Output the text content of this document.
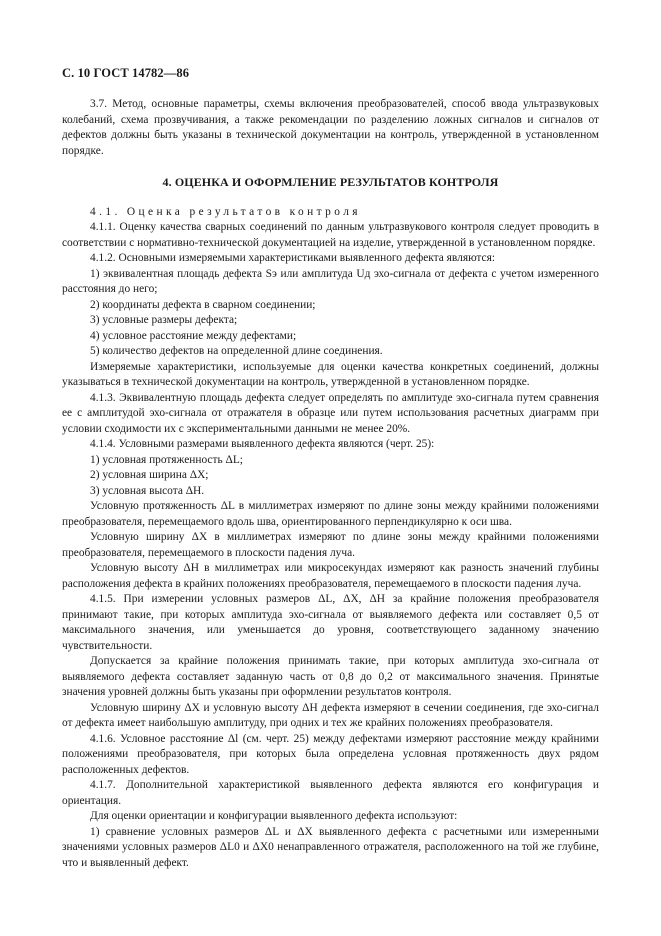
С. 10 ГОСТ 14782—86

3.7. Метод, основные параметры, схемы включения преобразователей, способ ввода ультразвуковых колебаний, схема прозвучивания, а также рекомендации по разделению ложных сигналов и сигналов от дефектов должны быть указаны в технической документации на контроль, утвержденной в установленном порядке.

4. ОЦЕНКА И ОФОРМЛЕНИЕ РЕЗУЛЬТАТОВ КОНТРОЛЯ

4.1. Оценка результатов контроля

4.1.1. Оценку качества сварных соединений по данным ультразвукового контроля следует проводить в соответствии с нормативно-технической документацией на изделие, утвержденной в установленном порядке.

4.1.2. Основными измеряемыми характеристиками выявленного дефекта являются:

1) эквивалентная площадь дефекта Sэ или амплитуда Uд эхо-сигнала от дефекта с учетом измеренного расстояния до него;

2) координаты дефекта в сварном соединении;

3) условные размеры дефекта;

4) условное расстояние между дефектами;

5) количество дефектов на определенной длине соединения.

Измеряемые характеристики, используемые для оценки качества конкретных соединений, должны указываться в технической документации на контроль, утвержденной в установленном порядке.

4.1.3. Эквивалентную площадь дефекта следует определять по амплитуде эхо-сигнала путем сравнения ее с амплитудой эхо-сигнала от отражателя в образце или путем использования расчетных диаграмм при условии сходимости их с экспериментальными данными не менее 20%.

4.1.4. Условными размерами выявленного дефекта являются (черт. 25):

1) условная протяженность ΔL;

2) условная ширина ΔX;

3) условная высота ΔH.

Условную протяженность ΔL в миллиметрах измеряют по длине зоны между крайними положениями преобразователя, перемещаемого вдоль шва, ориентированного перпендикулярно к оси шва.

Условную ширину ΔX в миллиметрах измеряют по длине зоны между крайними положениями преобразователя, перемещаемого в плоскости падения луча.

Условную высоту ΔH в миллиметрах или микросекундах измеряют как разность значений глубины расположения дефекта в крайних положениях преобразователя, перемещаемого в плоскости падения луча.

4.1.5. При измерении условных размеров ΔL, ΔX, ΔH за крайние положения преобразователя принимают такие, при которых амплитуда эхо-сигнала от выявляемого дефекта или составляет 0,5 от максимального значения, или уменьшается до уровня, соответствующего заданному значению чувствительности.

Допускается за крайние положения принимать такие, при которых амплитуда эхо-сигнала от выявляемого дефекта составляет заданную часть от 0,8 до 0,2 от максимального значения. Принятые значения уровней должны быть указаны при оформлении результатов контроля.

Условную ширину ΔX и условную высоту ΔH дефекта измеряют в сечении соединения, где эхо-сигнал от дефекта имеет наибольшую амплитуду, при одних и тех же крайних положениях преобразователя.

4.1.6. Условное расстояние Δl (см. черт. 25) между дефектами измеряют расстояние между крайними положениями преобразователя, при которых была определена условная протяженность двух рядом расположенных дефектов.

4.1.7. Дополнительной характеристикой выявленного дефекта являются его конфигурация и ориентация.

Для оценки ориентации и конфигурации выявленного дефекта используют:

1) сравнение условных размеров ΔL и ΔX выявленного дефекта с расчетными или измеренными значениями условных размеров ΔL0 и ΔX0 ненаправленного отражателя, расположенного на той же глубине, что и выявленный дефект.
